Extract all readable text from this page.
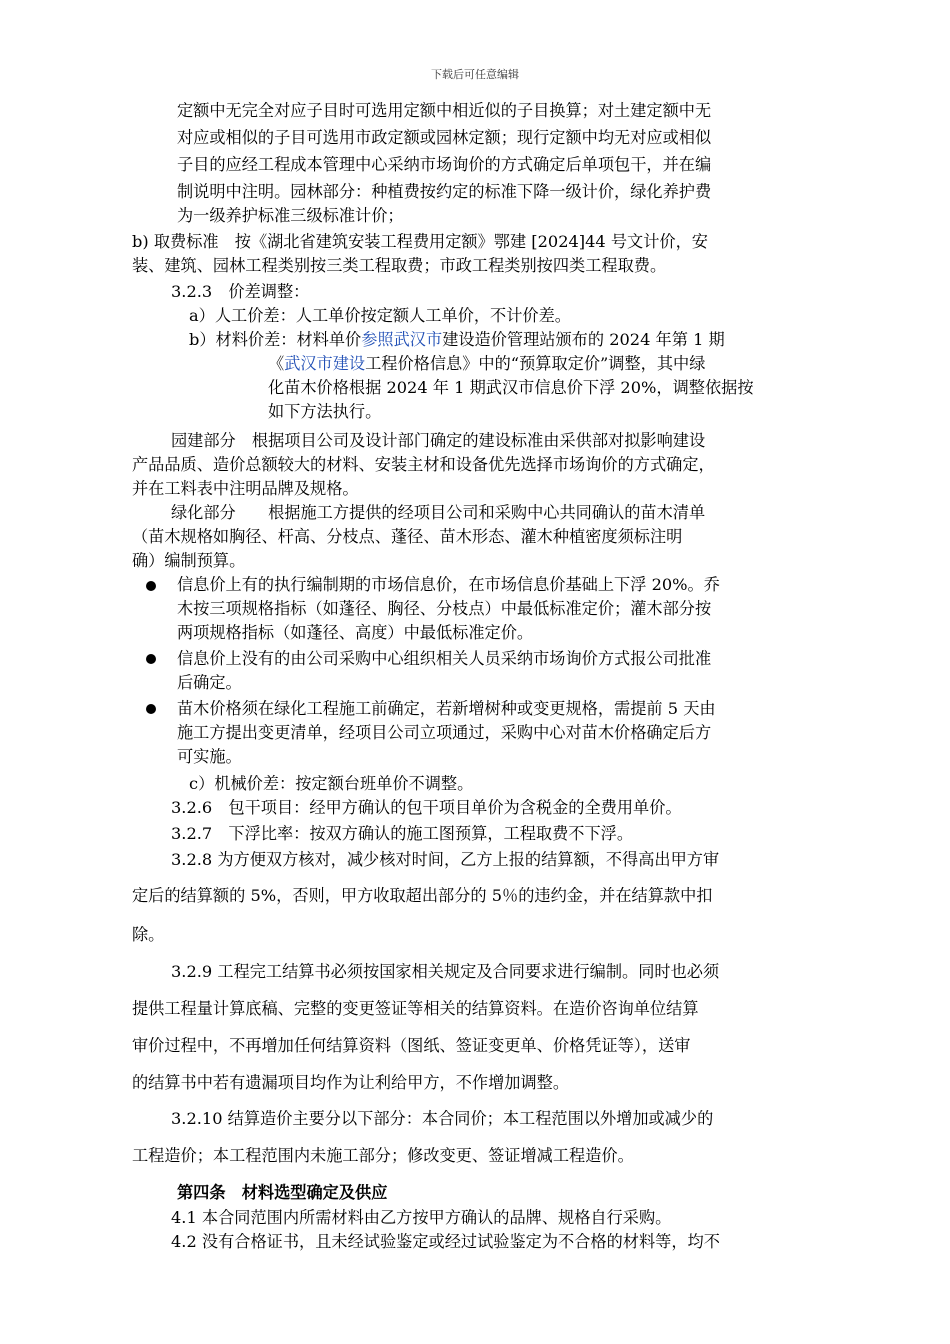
下载后可任意编辑
定额中无完全对应子目时可选用定额中相近似的子目换算；对土建定额中无
对应或相似的子目可选用市政定额或园林定额；现行定额中均无对应或相似
子目的应经工程成本管理中心采纳市场询价的方式确定后单项包干，并在编
制说明中注明。园林部分：种植费按约定的标准下降一级计价，绿化养护费
为一级养护标准三级标准计价；
b) 取费标准　按《湖北省建筑安装工程费用定额》鄂建 [2024]44 号文计价，安
装、建筑、园林工程类别按三类工程取费；市政工程类别按四类工程取费。
3.2.3　价差调整：
a）人工价差：人工单价按定额人工单价，不计价差。
b）材料价差：材料单价参照武汉市建设造价管理站颁布的 2024 年第 1 期
《武汉市建设工程价格信息》中的“预算取定价”调整，其中绿
化苗木价格根据 2024 年 1 期武汉市信息价下浮 20%，调整依据按
如下方法执行。
园建部分　根据项目公司及设计部门确定的建设标准由采供部对拟影响建设
产品品质、造价总额较大的材料、安装主材和设备优先选择市场询价的方式确定，
并在工料表中注明品牌及规格。
绿化部分　　根据施工方提供的经项目公司和采购中心共同确认的苗木清单
（苗木规格如胸径、杆高、分枝点、蓬径、苗木形态、灌木种植密度须标注明
确）编制预算。
信息价上有的执行编制期的市场信息价，在市场信息价基础上下浮 20%。乔
木按三项规格指标（如蓬径、胸径、分枝点）中最低标准定价；灌木部分按
两项规格指标（如蓬径、高度）中最低标准定价。
信息价上没有的由公司采购中心组织相关人员采纳市场询价方式报公司批准
后确定。
苗木价格须在绿化工程施工前确定，若新增树种或变更规格，需提前 5 天由
施工方提出变更清单，经项目公司立项通过，采购中心对苗木价格确定后方
可实施。
c）机械价差：按定额台班单价不调整。
3.2.6　包干项目：经甲方确认的包干项目单价为含税金的全费用单价。
3.2.7　下浮比率：按双方确认的施工图预算，工程取费不下浮。
3.2.8 为方便双方核对，减少核对时间，乙方上报的结算额，不得高出甲方审
定后的结算额的 5%，否则，甲方收取超出部分的 5％的违约金，并在结算款中扣
除。
3.2.9 工程完工结算书必须按国家相关规定及合同要求进行编制。同时也必须
提供工程量计算底稿、完整的变更签证等相关的结算资料。在造价咨询单位结算
审价过程中，不再增加任何结算资料（图纸、签证变更单、价格凭证等），送审
的结算书中若有遗漏项目均作为让利给甲方，不作增加调整。
3.2.10 结算造价主要分以下部分：本合同价；本工程范围以外增加或减少的
工程造价；本工程范围内未施工部分；修改变更、签证增减工程造价。
第四条　材料选型确定及供应
4.1 本合同范围内所需材料由乙方按甲方确认的品牌、规格自行采购。
4.2 没有合格证书，且未经试验鉴定或经过试验鉴定为不合格的材料等，均不
